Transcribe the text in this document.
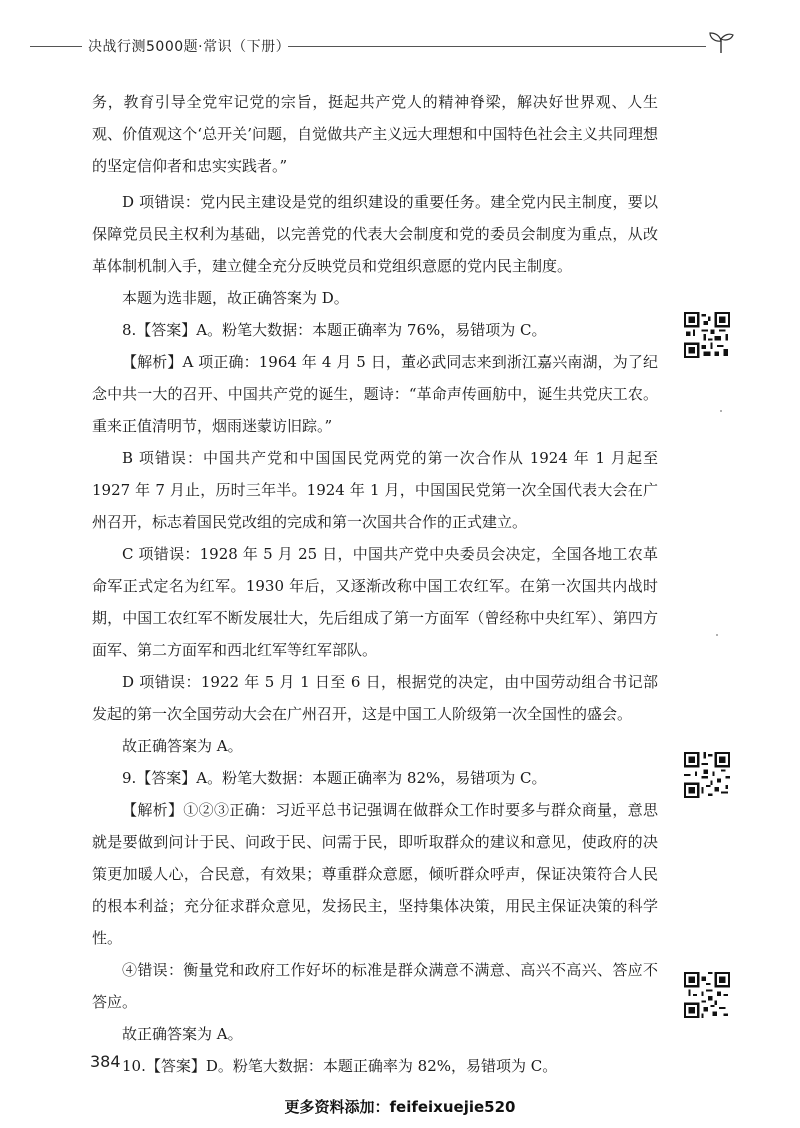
决战行测5000题·常识（下册）

务，教育引导全党牢记党的宗旨，挺起共产党人的精神脊梁，解决好世界观、人生观、价值观这个‘总开关’问题，自觉做共产主义远大理想和中国特色社会主义共同理想的坚定信仰者和忠实实践者。”

D 项错误：党内民主建设是党的组织建设的重要任务。建全党内民主制度，要以保障党员民主权利为基础，以完善党的代表大会制度和党的委员会制度为重点，从改革体制机制入手，建立健全充分反映党员和党组织意愿的党内民主制度。

本题为选非题，故正确答案为 D。

8.【答案】A。粉笔大数据：本题正确率为 76%，易错项为 C。

【解析】A 项正确：1964 年 4 月 5 日，董必武同志来到浙江嘉兴南湖，为了纪念中共一大的召开、中国共产党的诞生，题诗：“革命声传画舫中，诞生共党庆工农。重来正值清明节，烟雨迷蒙访旧踪。”

B 项错误：中国共产党和中国国民党两党的第一次合作从 1924 年 1 月起至 1927 年 7 月止，历时三年半。1924 年 1 月，中国国民党第一次全国代表大会在广州召开，标志着国民党改组的完成和第一次国共合作的正式建立。

C 项错误：1928 年 5 月 25 日，中国共产党中央委员会决定，全国各地工农革命军正式定名为红军。1930 年后，又逐渐改称中国工农红军。在第一次国共内战时期，中国工农红军不断发展壮大，先后组成了第一方面军（曾经称中央红军）、第四方面军、第二方面军和西北红军等红军部队。

D 项错误：1922 年 5 月 1 日至 6 日，根据党的决定，由中国劳动组合书记部发起的第一次全国劳动大会在广州召开，这是中国工人阶级第一次全国性的盛会。

故正确答案为 A。

9.【答案】A。粉笔大数据：本题正确率为 82%，易错项为 C。

【解析】①②③正确：习近平总书记强调在做群众工作时要多与群众商量，意思就是要做到问计于民、问政于民、问需于民，即听取群众的建议和意见，使政府的决策更加暖人心，合民意，有效果；尊重群众意愿，倾听群众呼声，保证决策符合人民的根本利益；充分征求群众意见，发扬民主，坚持集体决策，用民主保证决策的科学性。

④错误：衡量党和政府工作好坏的标准是群众满意不满意、高兴不高兴、答应不答应。

故正确答案为 A。

10.【答案】D。粉笔大数据：本题正确率为 82%，易错项为 C。

384
更多资料添加：feifeixuejie520
